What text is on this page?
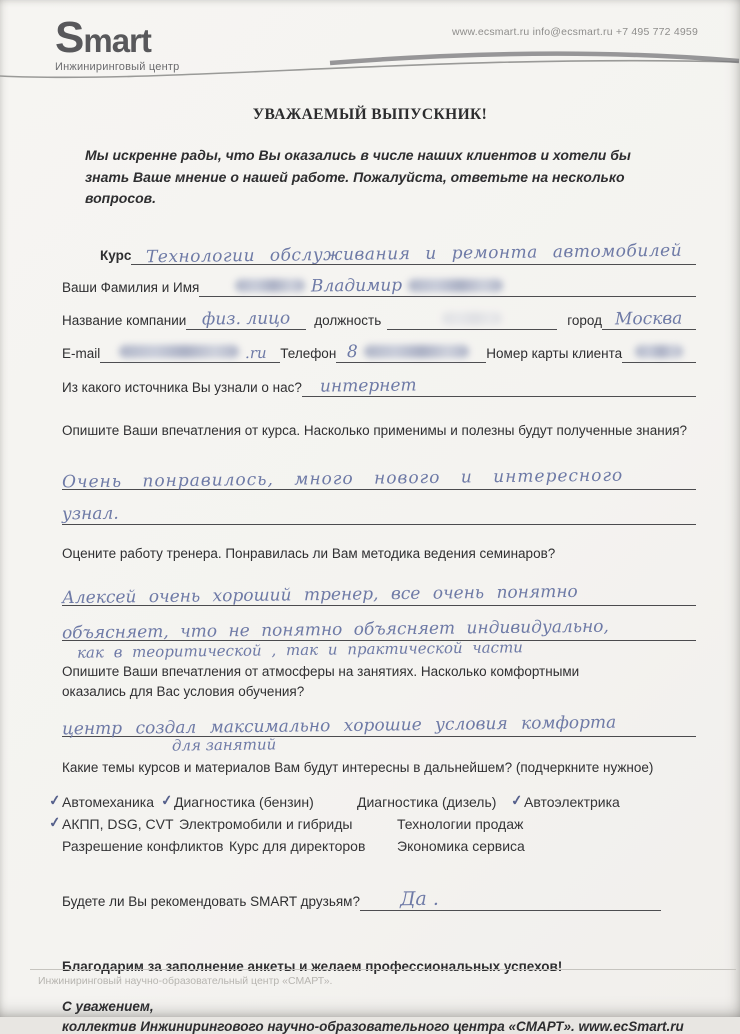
Smart
Инжиниринговый центр
www.ecsmart.ru info@ecsmart.ru +7 495 772 4959
УВАЖАЕМЫЙ ВЫПУСКНИК!
Мы искренне рады, что Вы оказались в числе наших клиентов и хотели бы знать Ваше мнение о нашей работе. Пожалуйста, ответьте на несколько вопросов.
Курс Технологии обслуживания и ремонта автомобилей
Ваши Фамилия и Имя	Владимир
Название компании физ. лицо	должность	город Москва
E-mail	.ru Телефон 8	Номер карты клиента
Из какого источника Вы узнали о нас? интернет
Опишите Ваши впечатления от курса. Насколько применимы и полезны будут полученные знания?
Очень понравилось, много нового и интересного
узнал.
Оцените работу тренера. Понравилась ли Вам методика ведения семинаров?
Алексей очень хороший тренер, все очень понятно
объясняет, что не понятно объясняет индивидуально,
как в теоритической , так и практической части
Опишите Ваши впечатления от атмосферы на занятиях. Насколько комфортными оказались для Вас условия обучения?
центр создал максимально хорошие условия комфорта
для занятий
Какие темы курсов и материалов Вам будут интересны в дальнейшем? (подчеркните нужное)
✓ Автомеханика ✓ Диагностика (бензин)	Диагностика (дизель) ✓ Автоэлектрика
✓ АКПП, DSG, CVT Электромобили и гибриды	Технологии продаж
Разрешение конфликтов Курс для директоров	Экономика сервиса
Будете ли Вы рекомендовать SMART друзьям? Да .
Благодарим за заполнение анкеты и желаем профессиональных успехов!
С уважением,
коллектив Инжинирингового научно-образовательного центра «СМАРТ». www.ecSmart.ru
Инжиниринговый научно-образовательный центр «СМАРТ».
